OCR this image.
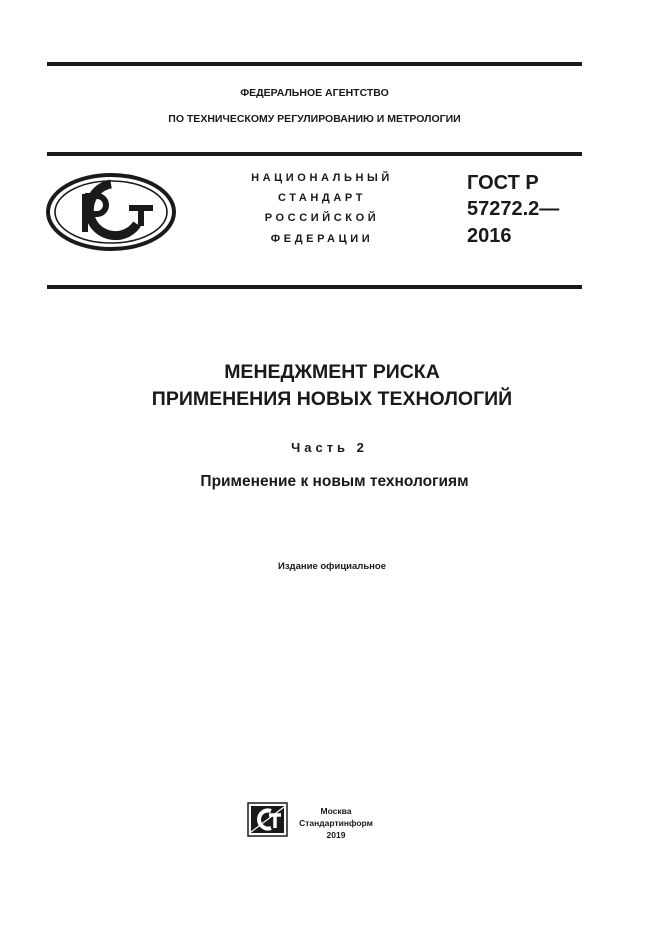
ФЕДЕРАЛЬНОЕ АГЕНТСТВО
ПО ТЕХНИЧЕСКОМУ РЕГУЛИРОВАНИЮ И МЕТРОЛОГИИ
НАЦИОНАЛЬНЫЙ
СТАНДАРТ
РОССИЙСКОЙ
ФЕДЕРАЦИИ
ГОСТ Р
57272.2—
2016
МЕНЕДЖМЕНТ РИСКА
ПРИМЕНЕНИЯ НОВЫХ ТЕХНОЛОГИЙ
Часть 2
Применение к новым технологиям
Издание официальное
Москва
Стандартинформ
2019
